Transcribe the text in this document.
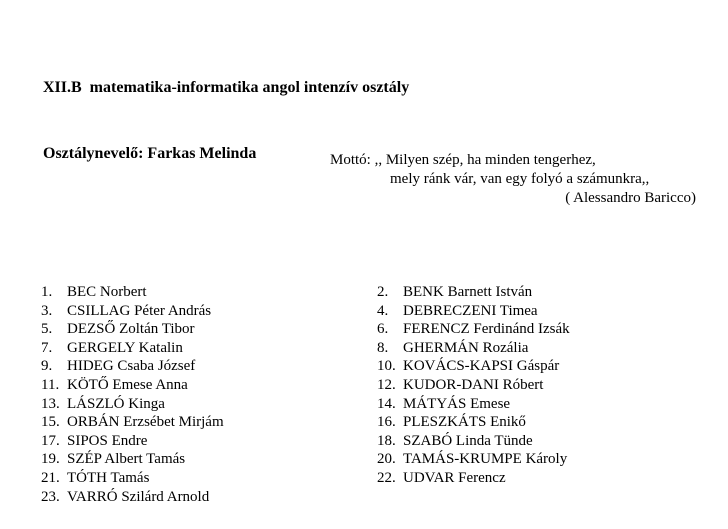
XII.B  matematika-informatika angol intenzív osztály

Osztálynevelő: Farkas Melinda

	Mottó: ,, Milyen szép, ha minden tengerhez,
mely ránk vár, van egy folyó a számunkra,,
( Alessandro Baricco)
1. BEC Norbert
3. CSILLAG Péter András
5. DEZSŐ Zoltán Tibor
7. GERGELY Katalin
9. HIDEG Csaba József
11. KÖTŐ Emese Anna
13. LÁSZLÓ Kinga
15. ORBÁN Erzsébet Mirjám
17. SIPOS Endre
19. SZÉP Albert Tamás
21. TÓTH Tamás
23. VARRÓ Szilárd Arnold
2. BENK Barnett István
4. DEBRECZENI Timea
6. FERENCZ Ferdinánd Izsák
8. GHERMÁN Rozália
10. KOVÁCS-KAPSI Gáspár
12. KUDOR-DANI Róbert
14. MÁTYÁS Emese
16. PLESZKÁTS Enikő
18. SZABÓ Linda Tünde
20. TAMÁS-KRUMPE Károly
22. UDVAR Ferencz
